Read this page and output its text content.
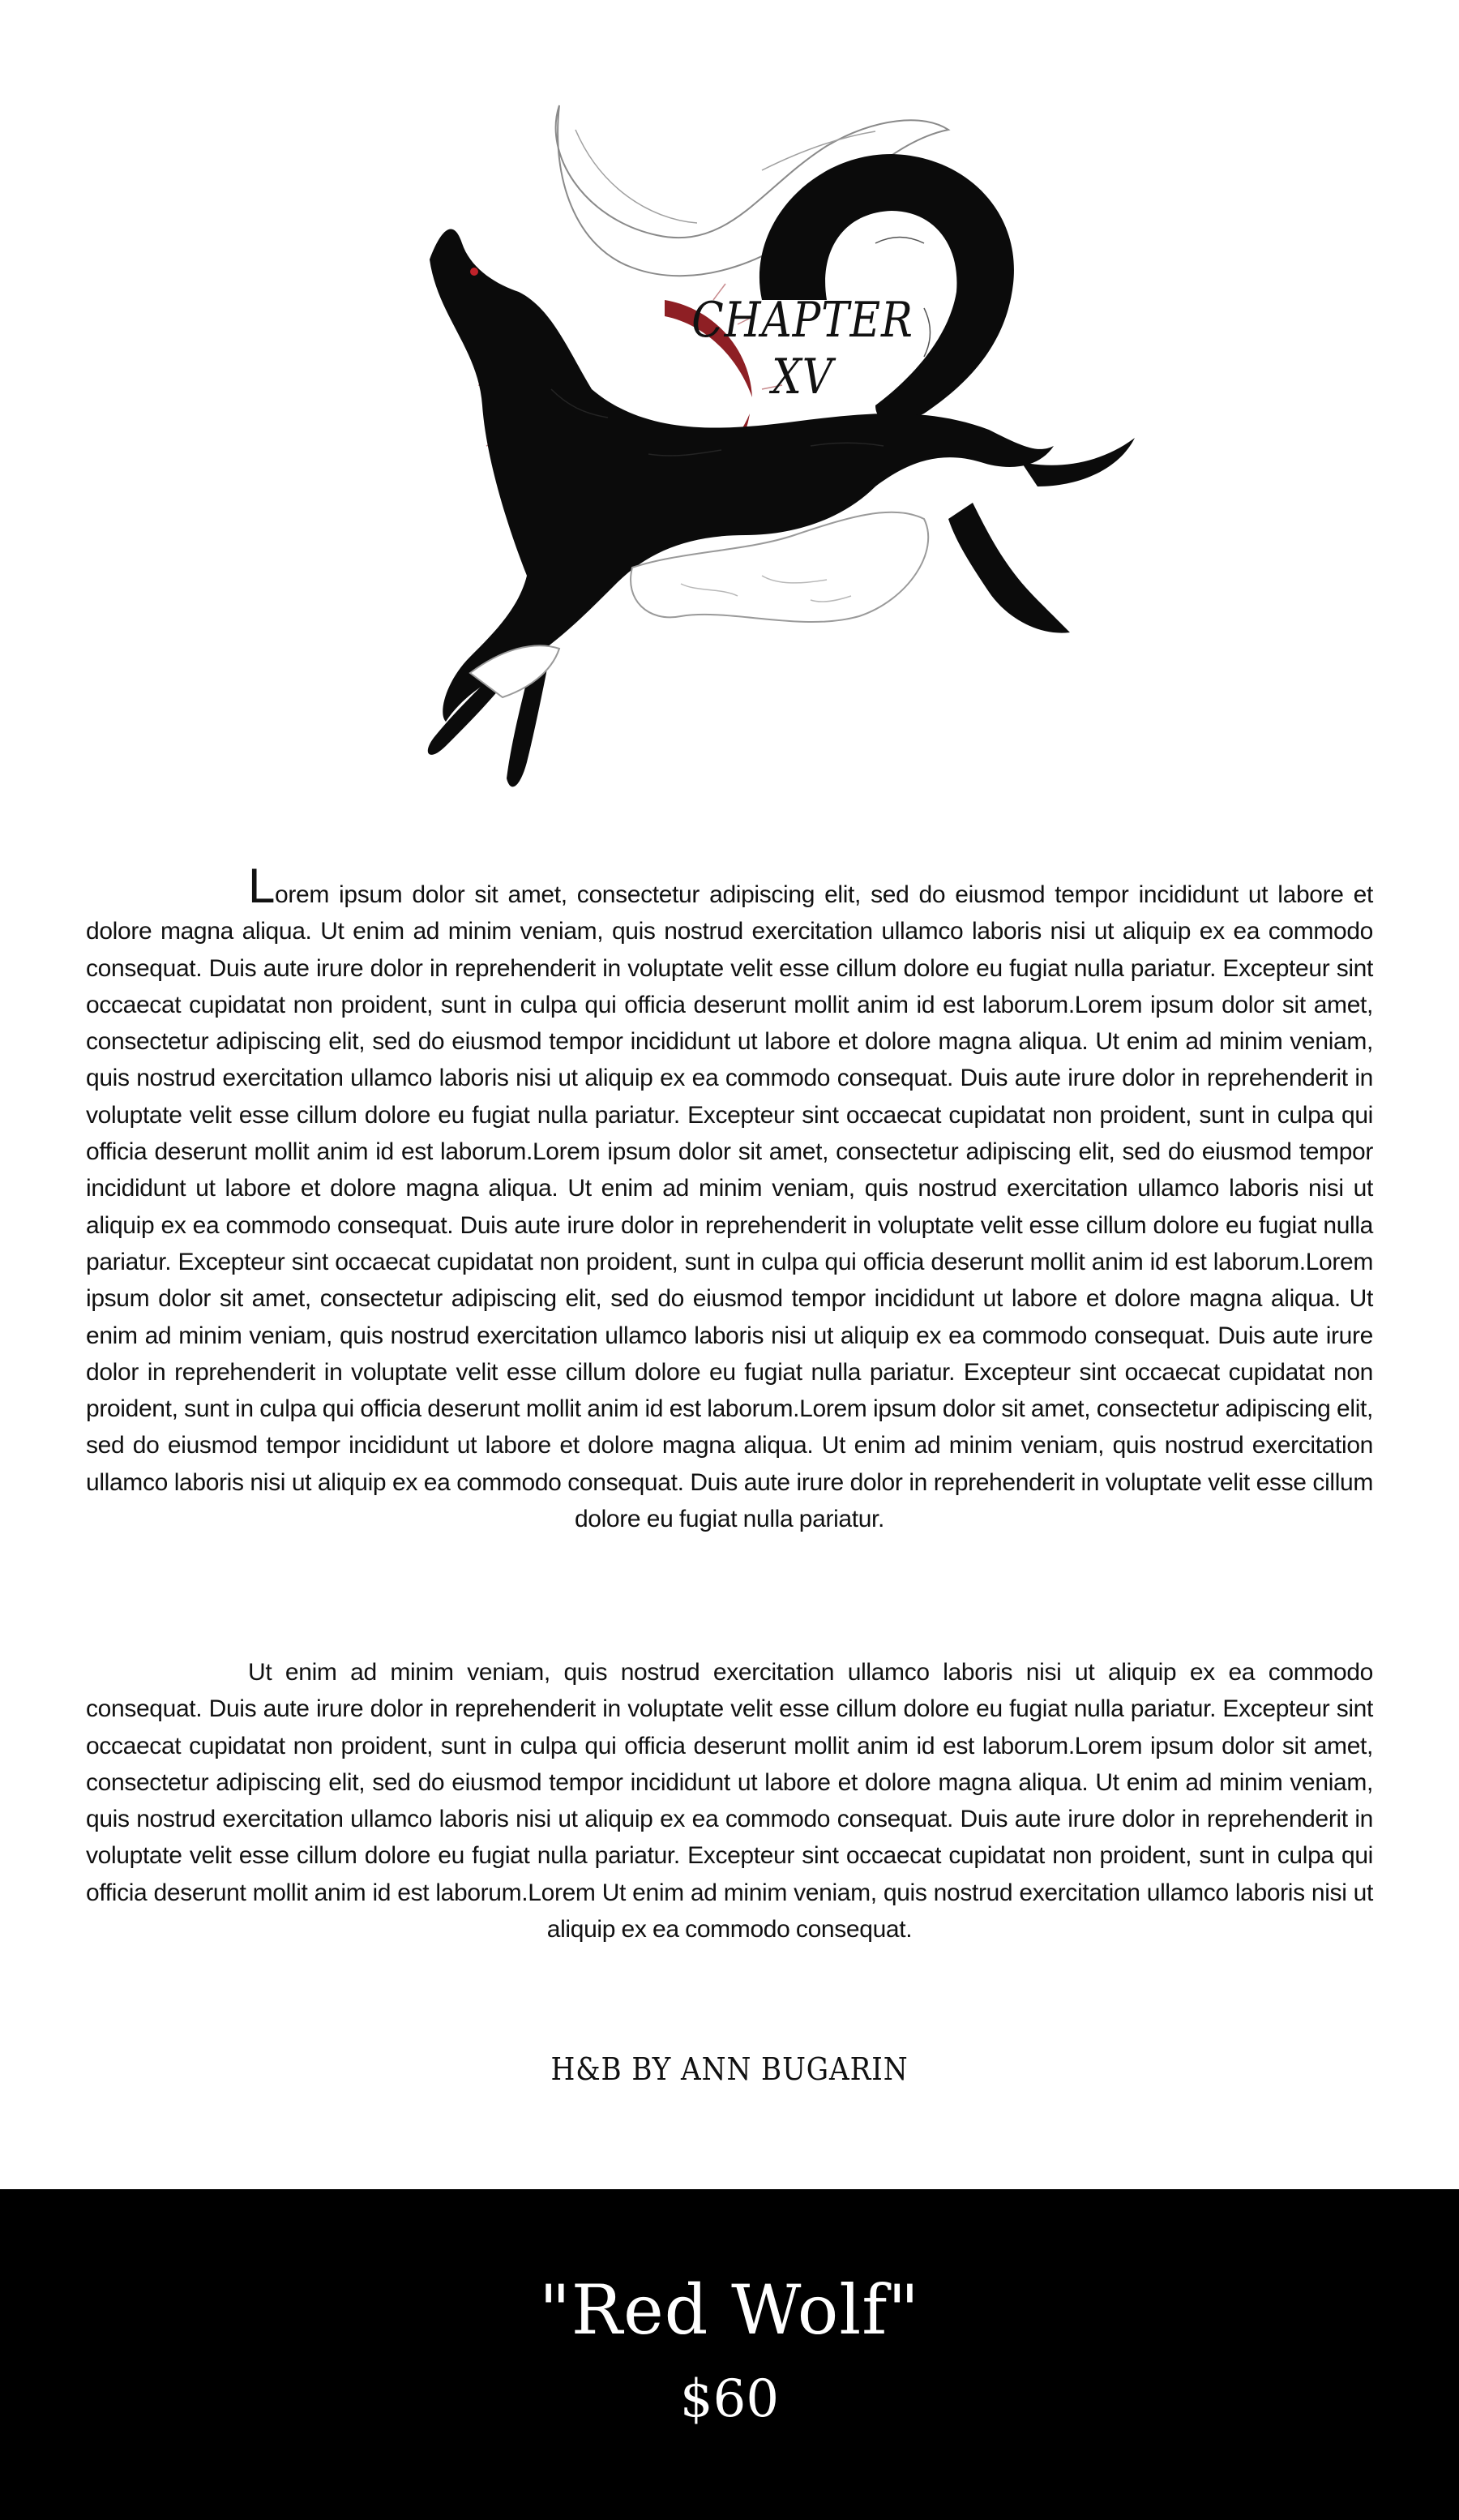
CHAPTER XV
Lorem ipsum dolor sit amet, consectetur adipiscing elit, sed do eiusmod tempor incididunt ut labore et dolore magna aliqua. Ut enim ad minim veniam, quis nostrud exercitation ullamco laboris nisi ut aliquip ex ea commodo consequat. Duis aute irure dolor in reprehenderit in voluptate velit esse cillum dolore eu fugiat nulla pariatur. Excepteur sint occaecat cupidatat non proident, sunt in culpa qui officia deserunt mollit anim id est laborum.Lorem ipsum dolor sit amet, consectetur adipiscing elit, sed do eiusmod tempor incididunt ut labore et dolore magna aliqua. Ut enim ad minim veniam, quis nostrud exercitation ullamco laboris nisi ut aliquip ex ea commodo consequat. Duis aute irure dolor in reprehenderit in voluptate velit esse cillum dolore eu fugiat nulla pariatur. Excepteur sint occaecat cupidatat non proident, sunt in culpa qui officia deserunt mollit anim id est laborum.Lorem ipsum dolor sit amet, consectetur adipiscing elit, sed do eiusmod tempor incididunt ut labore et dolore magna aliqua. Ut enim ad minim veniam, quis nostrud exercitation ullamco laboris nisi ut aliquip ex ea commodo consequat. Duis aute irure dolor in reprehenderit in voluptate velit esse cillum dolore eu fugiat nulla pariatur. Excepteur sint occaecat cupidatat non proident, sunt in culpa qui officia deserunt mollit anim id est laborum.Lorem ipsum dolor sit amet, consectetur adipiscing elit, sed do eiusmod tempor incididunt ut labore et dolore magna aliqua. Ut enim ad minim veniam, quis nostrud exercitation ullamco laboris nisi ut aliquip ex ea commodo consequat. Duis aute irure dolor in reprehenderit in voluptate velit esse cillum dolore eu fugiat nulla pariatur. Excepteur sint occaecat cupidatat non proident, sunt in culpa qui officia deserunt mollit anim id est laborum.Lorem ipsum dolor sit amet, consectetur adipiscing elit, sed do eiusmod tempor incididunt ut labore et dolore magna aliqua. Ut enim ad minim veniam, quis nostrud exercitation ullamco laboris nisi ut aliquip ex ea commodo consequat. Duis aute irure dolor in reprehenderit in voluptate velit esse cillum dolore eu fugiat nulla pariatur.
Ut enim ad minim veniam, quis nostrud exercitation ullamco laboris nisi ut aliquip ex ea commodo consequat. Duis aute irure dolor in reprehenderit in voluptate velit esse cillum dolore eu fugiat nulla pariatur. Excepteur sint occaecat cupidatat non proident, sunt in culpa qui officia deserunt mollit anim id est laborum.Lorem ipsum dolor sit amet, consectetur adipiscing elit, sed do eiusmod tempor incididunt ut labore et dolore magna aliqua. Ut enim ad minim veniam, quis nostrud exercitation ullamco laboris nisi ut aliquip ex ea commodo consequat. Duis aute irure dolor in reprehenderit in voluptate velit esse cillum dolore eu fugiat nulla pariatur. Excepteur sint occaecat cupidatat non proident, sunt in culpa qui officia deserunt mollit anim id est laborum.Lorem Ut enim ad minim veniam, quis nostrud exercitation ullamco laboris nisi ut aliquip ex ea commodo consequat.
H&B BY ANN BUGARIN
"Red Wolf"
$60
